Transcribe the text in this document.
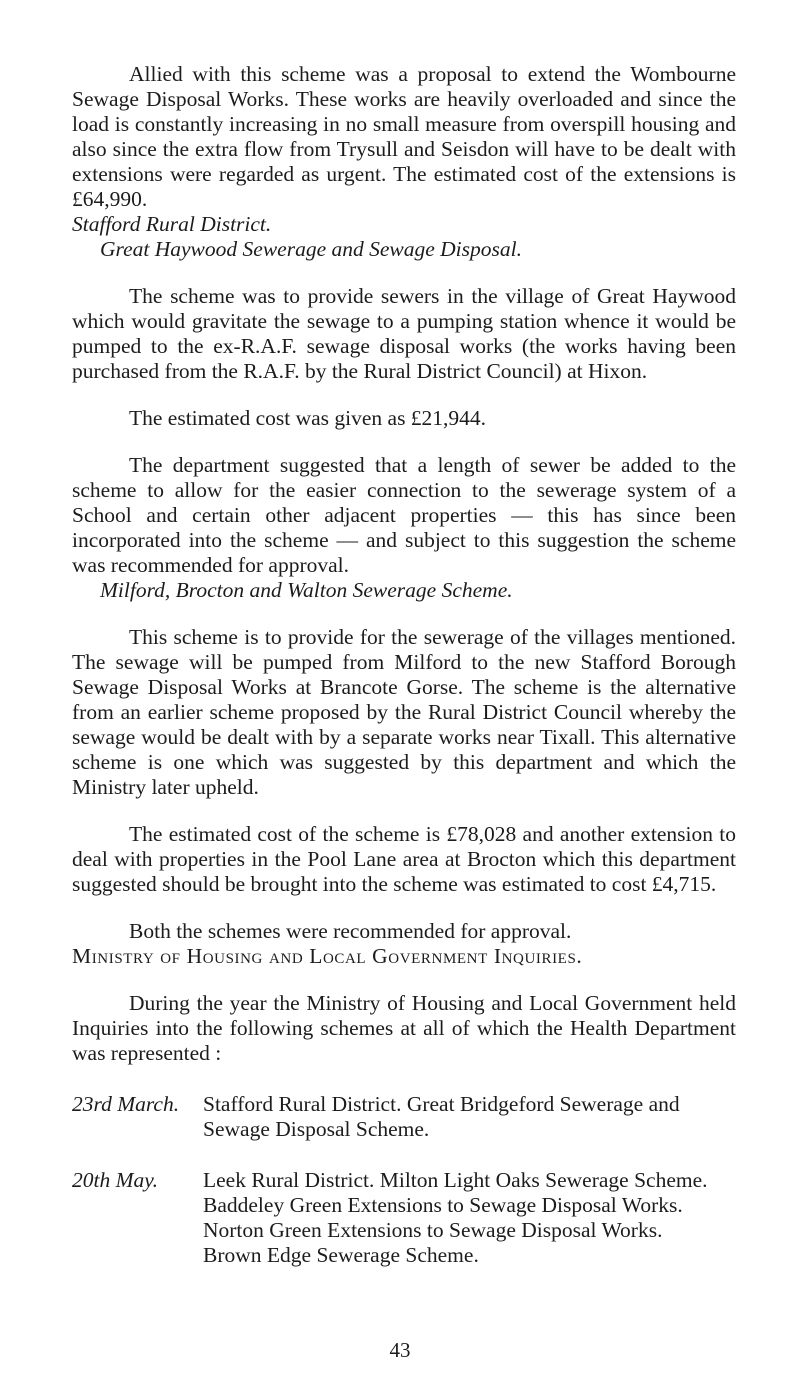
Allied with this scheme was a proposal to extend the Wombourne Sewage Disposal Works. These works are heavily overloaded and since the load is constantly increasing in no small measure from overspill housing and also since the extra flow from Trysull and Seisdon will have to be dealt with extensions were regarded as urgent. The estimated cost of the extensions is £64,990.

Stafford Rural District.

Great Haywood Sewerage and Sewage Disposal.

The scheme was to provide sewers in the village of Great Haywood which would gravitate the sewage to a pumping station whence it would be pumped to the ex-R.A.F. sewage disposal works (the works having been purchased from the R.A.F. by the Rural District Council) at Hixon.

The estimated cost was given as £21,944.

The department suggested that a length of sewer be added to the scheme to allow for the easier connection to the sewerage system of a School and certain other adjacent properties — this has since been incorporated into the scheme — and subject to this suggestion the scheme was recommended for approval.

Milford, Brocton and Walton Sewerage Scheme.

This scheme is to provide for the sewerage of the villages mentioned. The sewage will be pumped from Milford to the new Stafford Borough Sewage Disposal Works at Brancote Gorse. The scheme is the alternative from an earlier scheme proposed by the Rural District Council whereby the sewage would be dealt with by a separate works near Tixall. This alternative scheme is one which was suggested by this department and which the Ministry later upheld.

The estimated cost of the scheme is £78,028 and another extension to deal with properties in the Pool Lane area at Brocton which this department suggested should be brought into the scheme was estimated to cost £4,715.

Both the schemes were recommended for approval.

Ministry of Housing and Local Government Inquiries.

During the year the Ministry of Housing and Local Government held Inquiries into the following schemes at all of which the Health Department was represented :

23rd March.	Stafford Rural District. Great Bridgeford Sewerage and Sewage Disposal Scheme.

20th May.	Leek Rural District. Milton Light Oaks Sewerage Scheme.

Baddeley Green Extensions to Sewage Disposal Works.

Norton Green Extensions to Sewage Disposal Works.

Brown Edge Sewerage Scheme.

43
